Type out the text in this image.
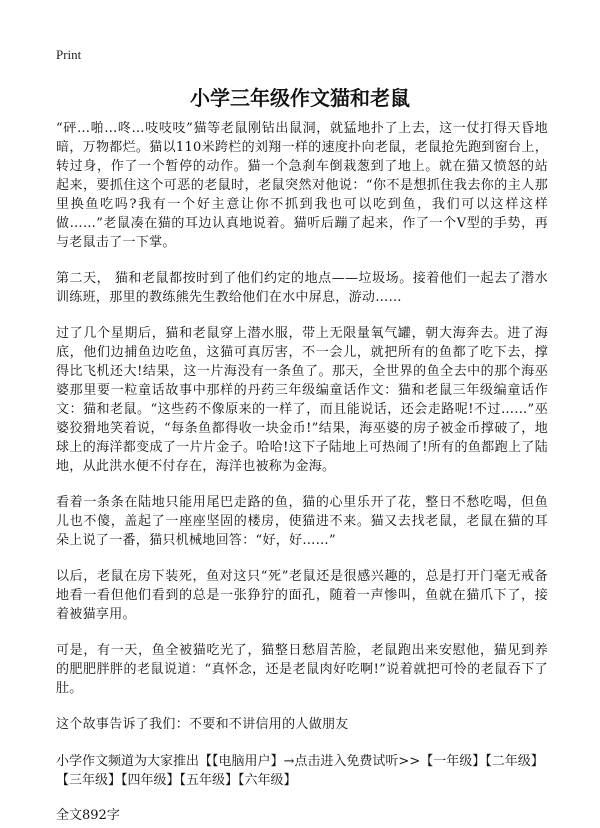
Print
小学三年级作文猫和老鼠

“砰…啪…咚…吱吱吱”猫等老鼠刚钻出鼠洞，就猛地扑了上去，这一仗打得天昏地暗，万物都烂。猫以110米跨栏的刘翔一样的速度扑向老鼠，老鼠抢先跑到窗台上，转过身，作了一个暂停的动作。猫一个急刹车倒栽葱到了地上。就在猫又愤怒的站起来，要抓住这个可恶的老鼠时，老鼠突然对他说：“你不是想抓住我去你的主人那里换鱼吃吗?我有一个好主意让你不抓到我也可以吃到鱼，我们可以这样这样做……”老鼠凑在猫的耳边认真地说着。猫听后蹦了起来，作了一个V型的手势，再与老鼠击了一下掌。

第二天， 猫和老鼠都按时到了他们约定的地点——垃圾场。接着他们一起去了潜水训练班，那里的教练熊先生教给他们在水中屏息，游动……

过了几个星期后，猫和老鼠穿上潜水服，带上无限量氧气罐，朝大海奔去。进了海底，他们边捕鱼边吃鱼，这猫可真厉害，不一会儿，就把所有的鱼都了吃下去，撑得比飞机还大!结果，这一片海没有一条鱼了。那天，全世界的鱼全去中的那个海巫婆那里要一粒童话故事中那样的丹药三年级编童话作文：猫和老鼠三年级编童话作文：猫和老鼠。“这些药不像原来的一样了，而且能说话，还会走路呢!不过……”巫婆狡猾地笑着说，“每条鱼都得收一块金币!”结果，海巫婆的房子被金币撑破了，地球上的海洋都变成了一片片金子。哈哈!这下子陆地上可热闹了!所有的鱼都跑上了陆地，从此洪水便不付存在，海洋也被称为金海。

看着一条条在陆地只能用尾巴走路的鱼，猫的心里乐开了花，整日不愁吃喝，但鱼儿也不傻，盖起了一座座坚固的楼房，使猫进不来。猫又去找老鼠，老鼠在猫的耳朵上说了一番，猫只机械地回答：“好，好……”

以后，老鼠在房下装死，鱼对这只“死”老鼠还是很感兴趣的，总是打开门毫无戒备地看一看但他们看到的总是一张狰狞的面孔，随着一声惨叫，鱼就在猫爪下了，接着被猫享用。

可是，有一天，鱼全被猫吃光了，猫整日愁眉苦脸，老鼠跑出来安慰他，猫见到养的肥肥胖胖的老鼠说道：“真怀念，还是老鼠肉好吃啊!”说着就把可怜的老鼠吞下了肚。

这个故事告诉了我们：不要和不讲信用的人做朋友

小学作文频道为大家推出【【电脑用户】→点击进入免费试听>>【一年级】【二年级】【三年级】【四年级】【五年级】【六年级】

全文892字
